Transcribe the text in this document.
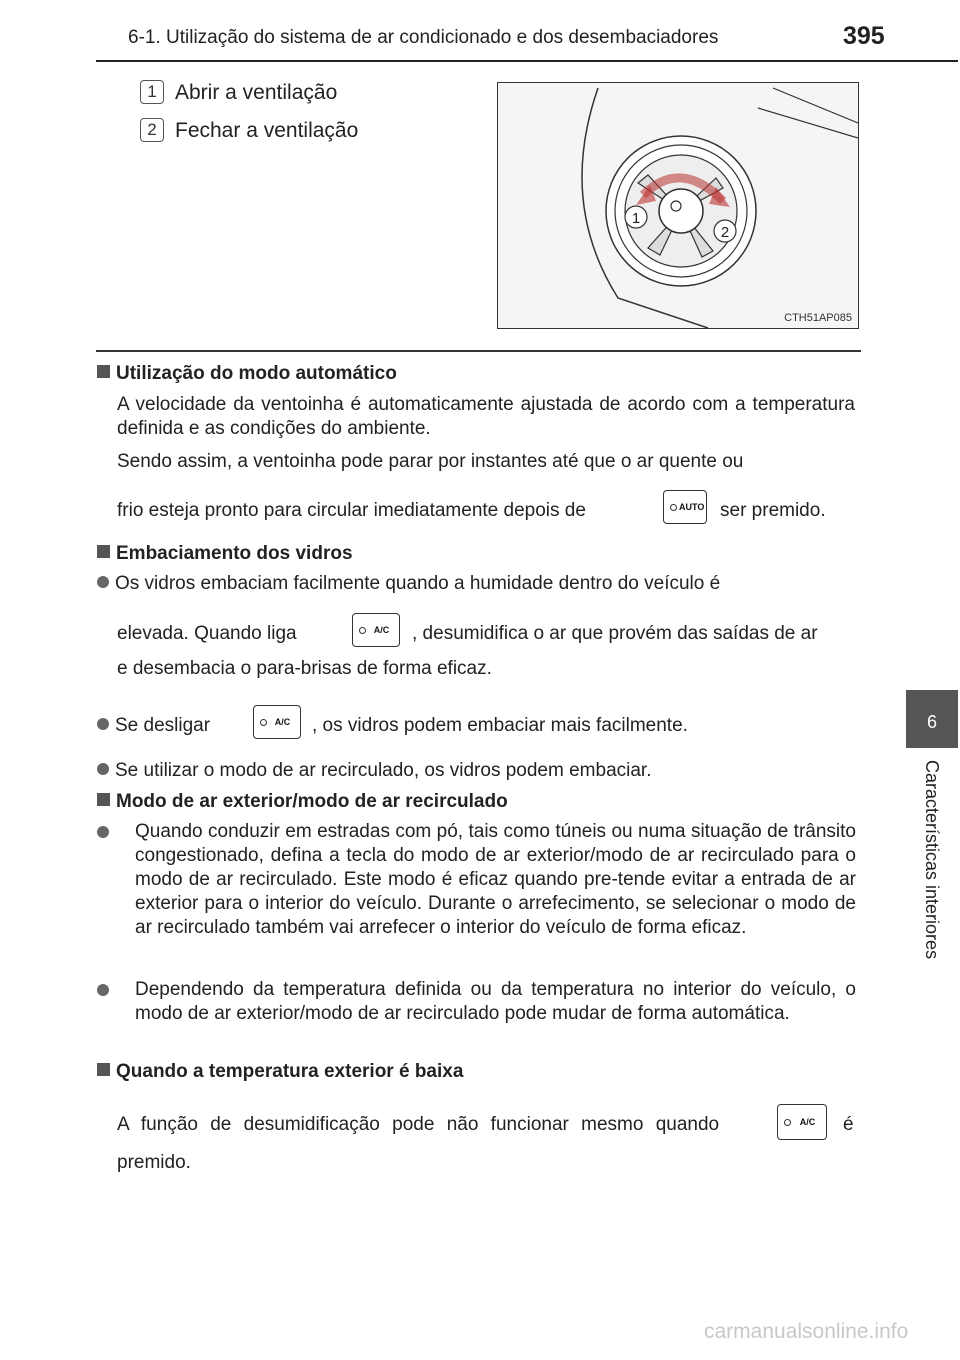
6-1. Utilização do sistema de ar condicionado e dos desembaciadores	395
1 Abrir a ventilação
2 Fechar a ventilação
1
2
CTH51AP085
Utilização do modo automático
A velocidade da ventoinha é automaticamente ajustada de acordo com a temperatura definida e as condições do ambiente.
Sendo assim, a ventoinha pode parar por instantes até que o ar quente ou
frio esteja pronto para circular imediatamente depois de	AUTO ser premido.
Embaciamento dos vidros
Os vidros embaciam facilmente quando a humidade dentro do veículo é
elevada. Quando liga	A/C	, desumidifica o ar que provém das saídas de ar
e desembacia o para-brisas de forma eficaz.
Se desligar	A/C	, os vidros podem embaciar mais facilmente.
Se utilizar o modo de ar recirculado, os vidros podem embaciar.
Modo de ar exterior/modo de ar recirculado
Quando conduzir em estradas com pó, tais como túneis ou numa situação de trânsito congestionado, defina a tecla do modo de ar exterior/modo de ar recirculado para o modo de ar recirculado. Este modo é eficaz quando pre-tende evitar a entrada de ar exterior para o interior do veículo. Durante o arrefecimento, se selecionar o modo de ar recirculado também vai arrefecer o interior do veículo de forma eficaz.
Dependendo da temperatura definida ou da temperatura no interior do veículo, o modo de ar exterior/modo de ar recirculado pode mudar de forma automática.
Quando a temperatura exterior é baixa
A função de desumidificação pode não funcionar mesmo quando	A/C	é
premido.
6
Características interiores
carmanualsonline.info
